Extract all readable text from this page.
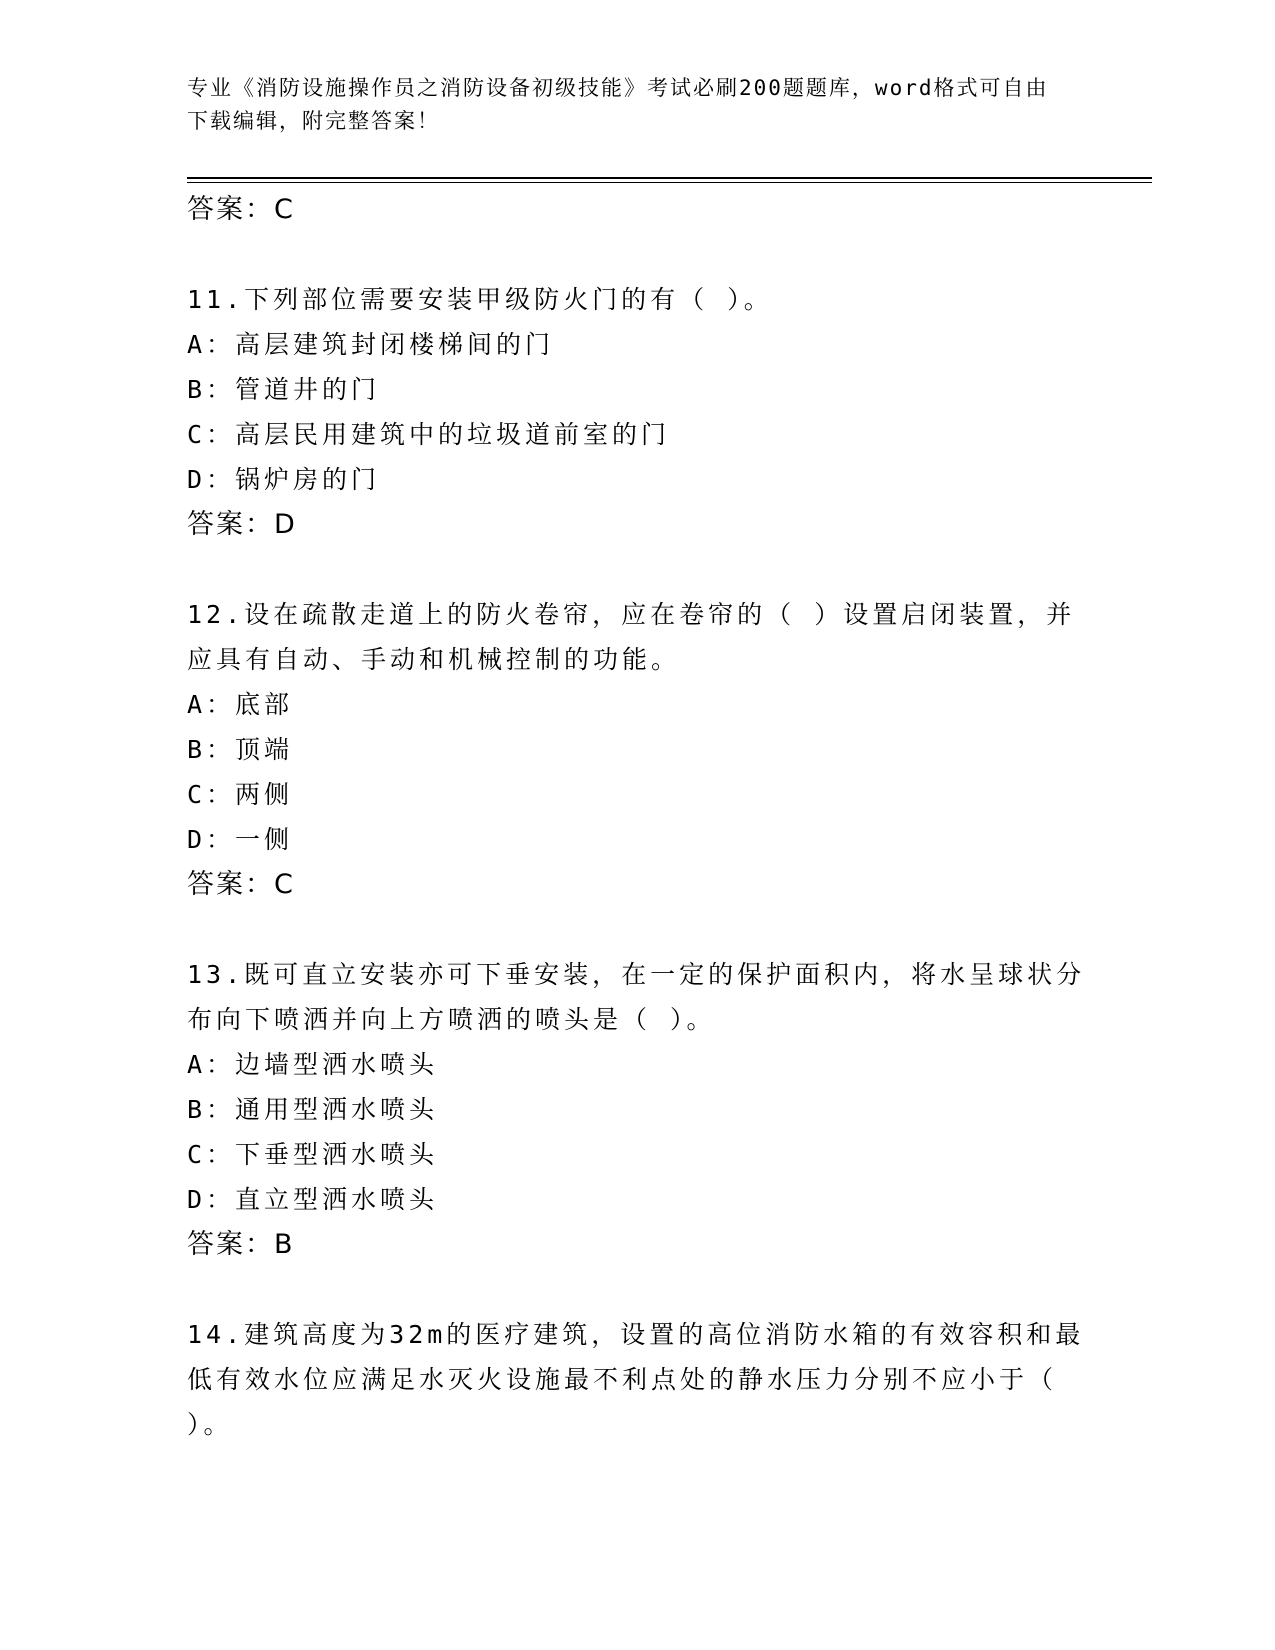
专业《消防设施操作员之消防设备初级技能》考试必刷200题题库，word格式可自由下载编辑，附完整答案！
答案：C
11.下列部位需要安装甲级防火门的有（ ）。
A：高层建筑封闭楼梯间的门
B：管道井的门
C：高层民用建筑中的垃圾道前室的门
D：锅炉房的门
答案：D
12.设在疏散走道上的防火卷帘，应在卷帘的（ ）设置启闭装置，并应具有自动、手动和机械控制的功能。
A：底部
B：顶端
C：两侧
D：一侧
答案：C
13.既可直立安装亦可下垂安装，在一定的保护面积内，将水呈球状分布向下喷洒并向上方喷洒的喷头是（ ）。
A：边墙型洒水喷头
B：通用型洒水喷头
C：下垂型洒水喷头
D：直立型洒水喷头
答案：B
14.建筑高度为32m的医疗建筑，设置的高位消防水箱的有效容积和最低有效水位应满足水灭火设施最不利点处的静水压力分别不应小于（ ）。
